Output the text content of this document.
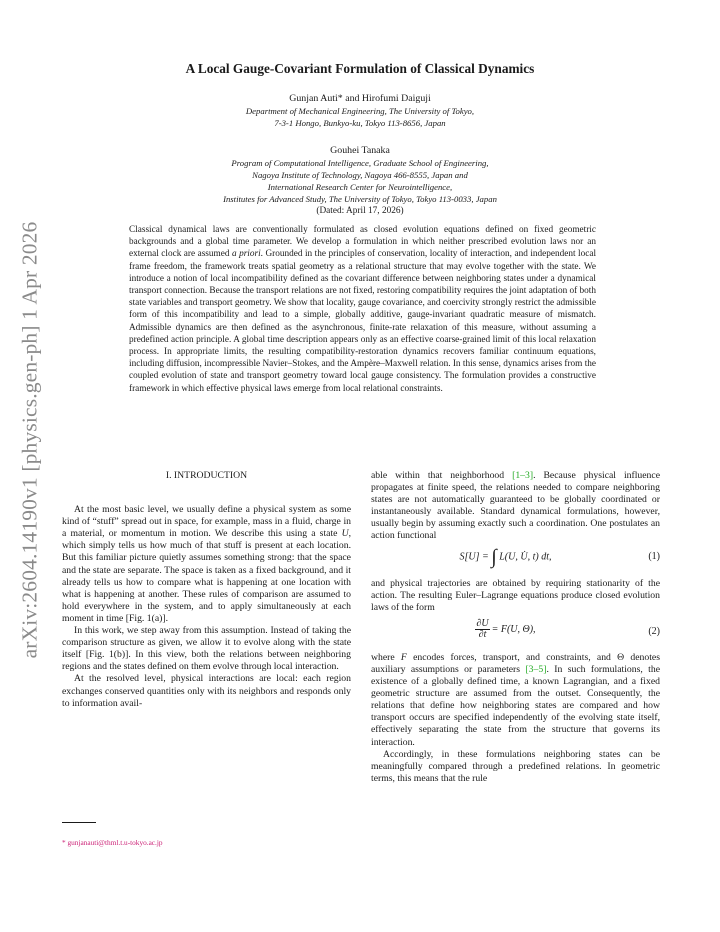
arXiv:2604.14190v1 [physics.gen-ph] 1 Apr 2026
A Local Gauge-Covariant Formulation of Classical Dynamics
Gunjan Auti* and Hirofumi Daiguji
Department of Mechanical Engineering, The University of Tokyo,
7-3-1 Hongo, Bunkyo-ku, Tokyo 113-8656, Japan
Gouhei Tanaka
Program of Computational Intelligence, Graduate School of Engineering,
Nagoya Institute of Technology, Nagoya 466-8555, Japan and
International Research Center for Neurointelligence,
Institutes for Advanced Study, The University of Tokyo, Tokyo 113-0033, Japan
(Dated: April 17, 2026)
Classical dynamical laws are conventionally formulated as closed evolution equations defined on fixed geometric backgrounds and a global time parameter. We develop a formulation in which neither prescribed evolution laws nor an external clock are assumed a priori. Grounded in the principles of conservation, locality of interaction, and independent local frame freedom, the framework treats spatial geometry as a relational structure that may evolve together with the state. We introduce a notion of local incompatibility defined as the covariant difference between neighboring states under a dynamical transport connection. Because the transport relations are not fixed, restoring compatibility requires the joint adaptation of both state variables and transport geometry. We show that locality, gauge covariance, and coercivity strongly restrict the admissible form of this incompatibility and lead to a simple, globally additive, gauge-invariant quadratic measure of mismatch. Admissible dynamics are then defined as the asynchronous, finite-rate relaxation of this measure, without assuming a predefined action principle. A global time description appears only as an effective coarse-grained limit of this local relaxation process. In appropriate limits, the resulting compatibility-restoration dynamics recovers familiar continuum equations, including diffusion, incompressible Navier–Stokes, and the Ampère–Maxwell relation. In this sense, dynamics arises from the coupled evolution of state and transport geometry toward local gauge consistency. The formulation provides a constructive framework in which effective physical laws emerge from local relational constraints.
I. INTRODUCTION

At the most basic level, we usually define a physical system as some kind of “stuff” spread out in space, for example, mass in a fluid, charge in a material, or momentum in motion. We describe this using a state U, which simply tells us how much of that stuff is present at each location. But this familiar picture quietly assumes something strong: that the space and the state are separate. The space is taken as a fixed background, and it already tells us how to compare what is happening at one location with what is happening at another. These rules of comparison are assumed to hold everywhere in the system, and to apply simultaneously at each moment in time [Fig. 1(a)].

In this work, we step away from this assumption. Instead of taking the comparison structure as given, we allow it to evolve along with the state itself [Fig. 1(b)]. In this view, both the relations between neighboring regions and the states defined on them evolve through local interaction.

At the resolved level, physical interactions are local: each region exchanges conserved quantities only with its neighbors and responds only to information avail-

able within that neighborhood [1–3]. Because physical influence propagates at finite speed, the relations needed to compare neighboring states are not automatically guaranteed to be globally coordinated or instantaneously available. Standard dynamical formulations, however, usually begin by assuming exactly such a coordination. One postulates an action functional

S[U] = ∫ L(U, U̇, t) dt,	(1)

and physical trajectories are obtained by requiring stationarity of the action. The resulting Euler–Lagrange equations produce closed evolution laws of the form

$\frac{\partial U}{\partial t} = F(U$, Θ),	(2)

where F encodes forces, transport, and constraints, and Θ denotes auxiliary assumptions or parameters [3–5]. In such formulations, the existence of a globally defined time, a known Lagrangian, and a fixed geometric structure are assumed from the outset. Consequently, the relations that define how neighboring states are compared and how transport occurs are specified independently of the evolving state itself, effectively separating the state from the structure that governs its interaction.

Accordingly, in these formulations neighboring states can be meaningfully compared through a predefined relations. In geometric terms, this means that the rule

* gunjanauti@thml.t.u-tokyo.ac.jp
